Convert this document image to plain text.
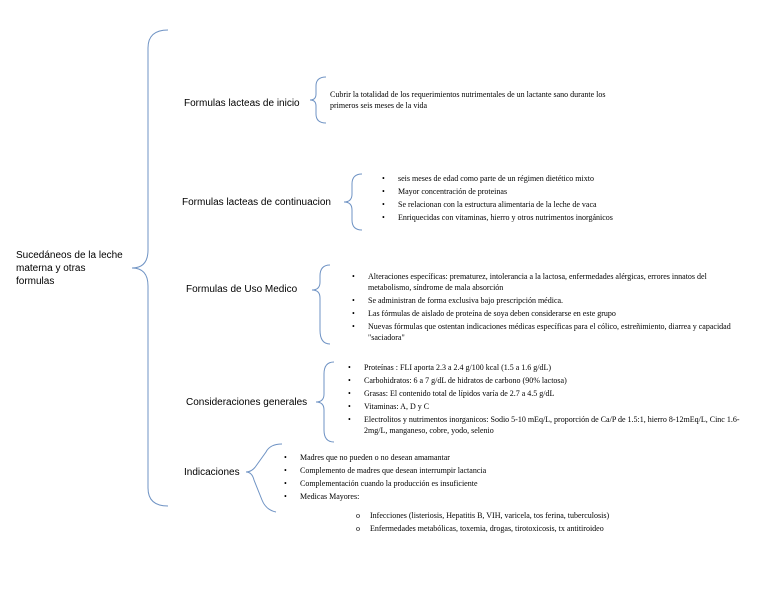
Sucedáneos de la leche materna y otras formulas
Formulas lacteas de inicio
Cubrir la totalidad de los requerimientos nutrimentales de un lactante sano durante los primeros seis meses de la vida
Formulas lacteas de continuacion
• seis meses de edad como parte de un régimen dietético mixto
• Mayor concentración de proteinas
• Se relacionan con la estructura alimentaria de la leche de vaca
• Enriquecidas con vitaminas, hierro y otros nutrimentos inorgánicos
Formulas de Uso Medico
• Alteraciones específicas: prematurez, intolerancia a la lactosa, enfermedades alérgicas, errores innatos del metabolismo, síndrome de mala absorción
• Se administran de forma exclusiva bajo prescripción médica.
• Las fórmulas de aislado de proteína de soya deben considerarse en este grupo
• Nuevas fórmulas que ostentan indicaciones médicas específicas para el cólico, estreñimiento, diarrea y capacidad "saciadora"
Consideraciones generales
• Proteínas : FLI aporta 2.3 a 2.4 g/100 kcal (1.5 a 1.6 g/dL)
• Carbohidratos: 6 a 7 g/dL de hidratos de carbono (90% lactosa)
• Grasas: El contenido total de lípidos varía de 2.7 a 4.5 g/dL
• Vitaminas: A, D y C
• Electrolitos y nutrimentos inorganicos: Sodio 5-10 mEq/L, proporción de Ca/P de 1.5:1, hierro 8-12mEq/L, Cinc 1.6-2mg/L, manganeso, cobre, yodo, selenio
Indicaciones
• Madres que no pueden o no desean amamantar
• Complemento de madres que desean interrumpir lactancia
• Complementación cuando la producción es insuficiente
• Medicas Mayores:
o Infecciones (listeriosis, Hepatitis B, VIH, varicela, tos ferina, tuberculosis)
o Enfermedades metabólicas, toxemia, drogas, tirotoxicosis, tx antitiroideo
